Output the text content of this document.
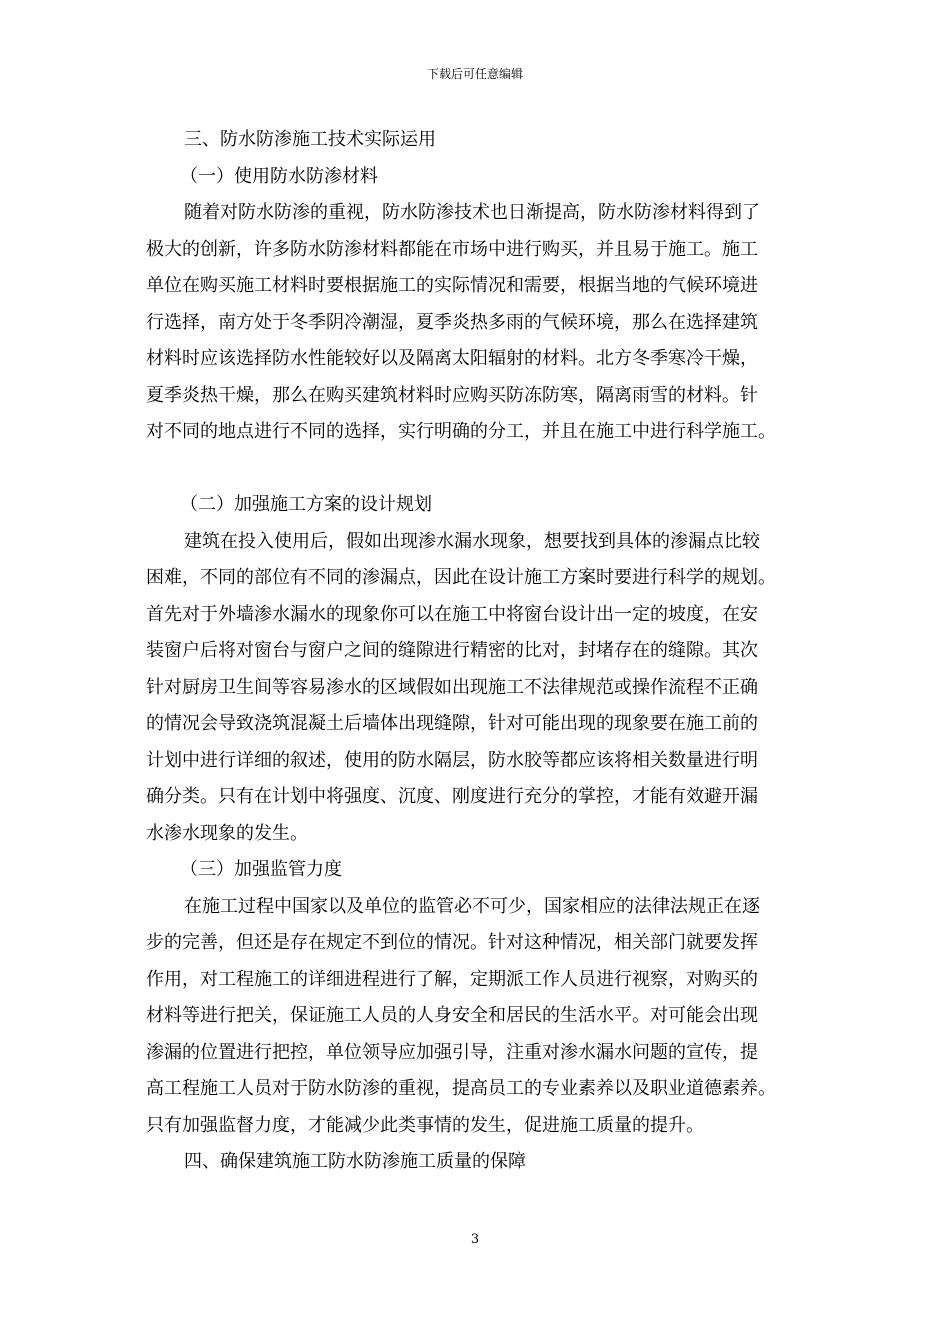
下载后可任意编辑
三、防水防渗施工技术实际运用
（一）使用防水防渗材料
随着对防水防渗的重视，防水防渗技术也日渐提高，防水防渗材料得到了
极大的创新，许多防水防渗材料都能在市场中进行购买，并且易于施工。施工
单位在购买施工材料时要根据施工的实际情况和需要，根据当地的气候环境进
行选择，南方处于冬季阴冷潮湿，夏季炎热多雨的气候环境，那么在选择建筑
材料时应该选择防水性能较好以及隔离太阳辐射的材料。北方冬季寒冷干燥，
夏季炎热干燥，那么在购买建筑材料时应购买防冻防寒，隔离雨雪的材料。针
对不同的地点进行不同的选择，实行明确的分工，并且在施工中进行科学施工。
（二）加强施工方案的设计规划
建筑在投入使用后，假如出现渗水漏水现象，想要找到具体的渗漏点比较
困难，不同的部位有不同的渗漏点，因此在设计施工方案时要进行科学的规划。
首先对于外墙渗水漏水的现象你可以在施工中将窗台设计出一定的坡度，在安
装窗户后将对窗台与窗户之间的缝隙进行精密的比对，封堵存在的缝隙。其次
针对厨房卫生间等容易渗水的区域假如出现施工不法律规范或操作流程不正确
的情况会导致浇筑混凝土后墙体出现缝隙，针对可能出现的现象要在施工前的
计划中进行详细的叙述，使用的防水隔层，防水胶等都应该将相关数量进行明
确分类。只有在计划中将强度、沉度、刚度进行充分的掌控，才能有效避开漏
水渗水现象的发生。
（三）加强监管力度
在施工过程中国家以及单位的监管必不可少，国家相应的法律法规正在逐
步的完善，但还是存在规定不到位的情况。针对这种情况，相关部门就要发挥
作用，对工程施工的详细进程进行了解，定期派工作人员进行视察，对购买的
材料等进行把关，保证施工人员的人身安全和居民的生活水平。对可能会出现
渗漏的位置进行把控，单位领导应加强引导，注重对渗水漏水问题的宣传，提
高工程施工人员对于防水防渗的重视，提高员工的专业素养以及职业道德素养。
只有加强监督力度，才能减少此类事情的发生，促进施工质量的提升。
四、确保建筑施工防水防渗施工质量的保障
3
